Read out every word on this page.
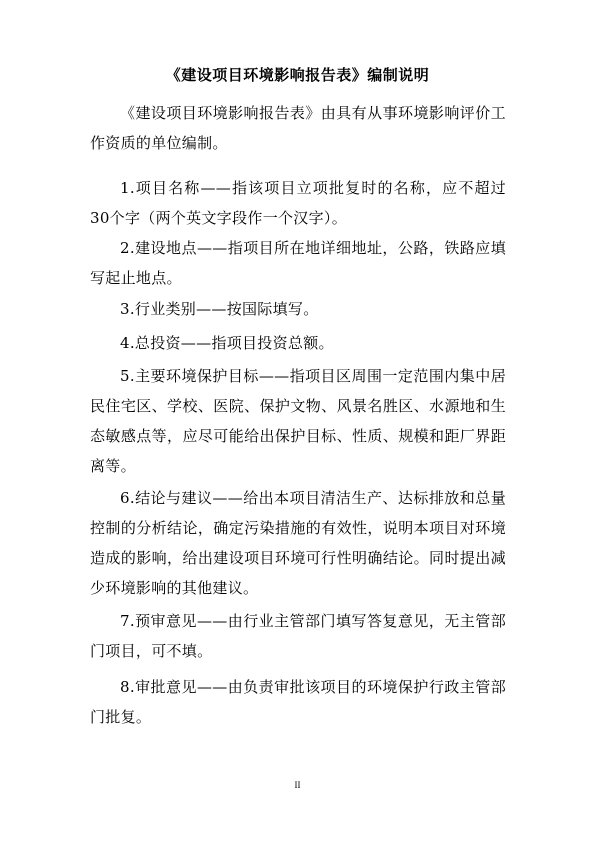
《建设项目环境影响报告表》编制说明

《建设项目环境影响报告表》由具有从事环境影响评价工作资质的单位编制。

1.项目名称——指该项目立项批复时的名称，应不超过30个字（两个英文字段作一个汉字）。

2.建设地点——指项目所在地详细地址，公路，铁路应填写起止地点。

3.行业类别——按国际填写。

4.总投资——指项目投资总额。

5.主要环境保护目标——指项目区周围一定范围内集中居民住宅区、学校、医院、保护文物、风景名胜区、水源地和生态敏感点等，应尽可能给出保护目标、性质、规模和距厂界距离等。

6.结论与建议——给出本项目清洁生产、达标排放和总量控制的分析结论，确定污染措施的有效性，说明本项目对环境造成的影响，给出建设项目环境可行性明确结论。同时提出减少环境影响的其他建议。

7.预审意见——由行业主管部门填写答复意见，无主管部门项目，可不填。

8.审批意见——由负责审批该项目的环境保护行政主管部门批复。

II
